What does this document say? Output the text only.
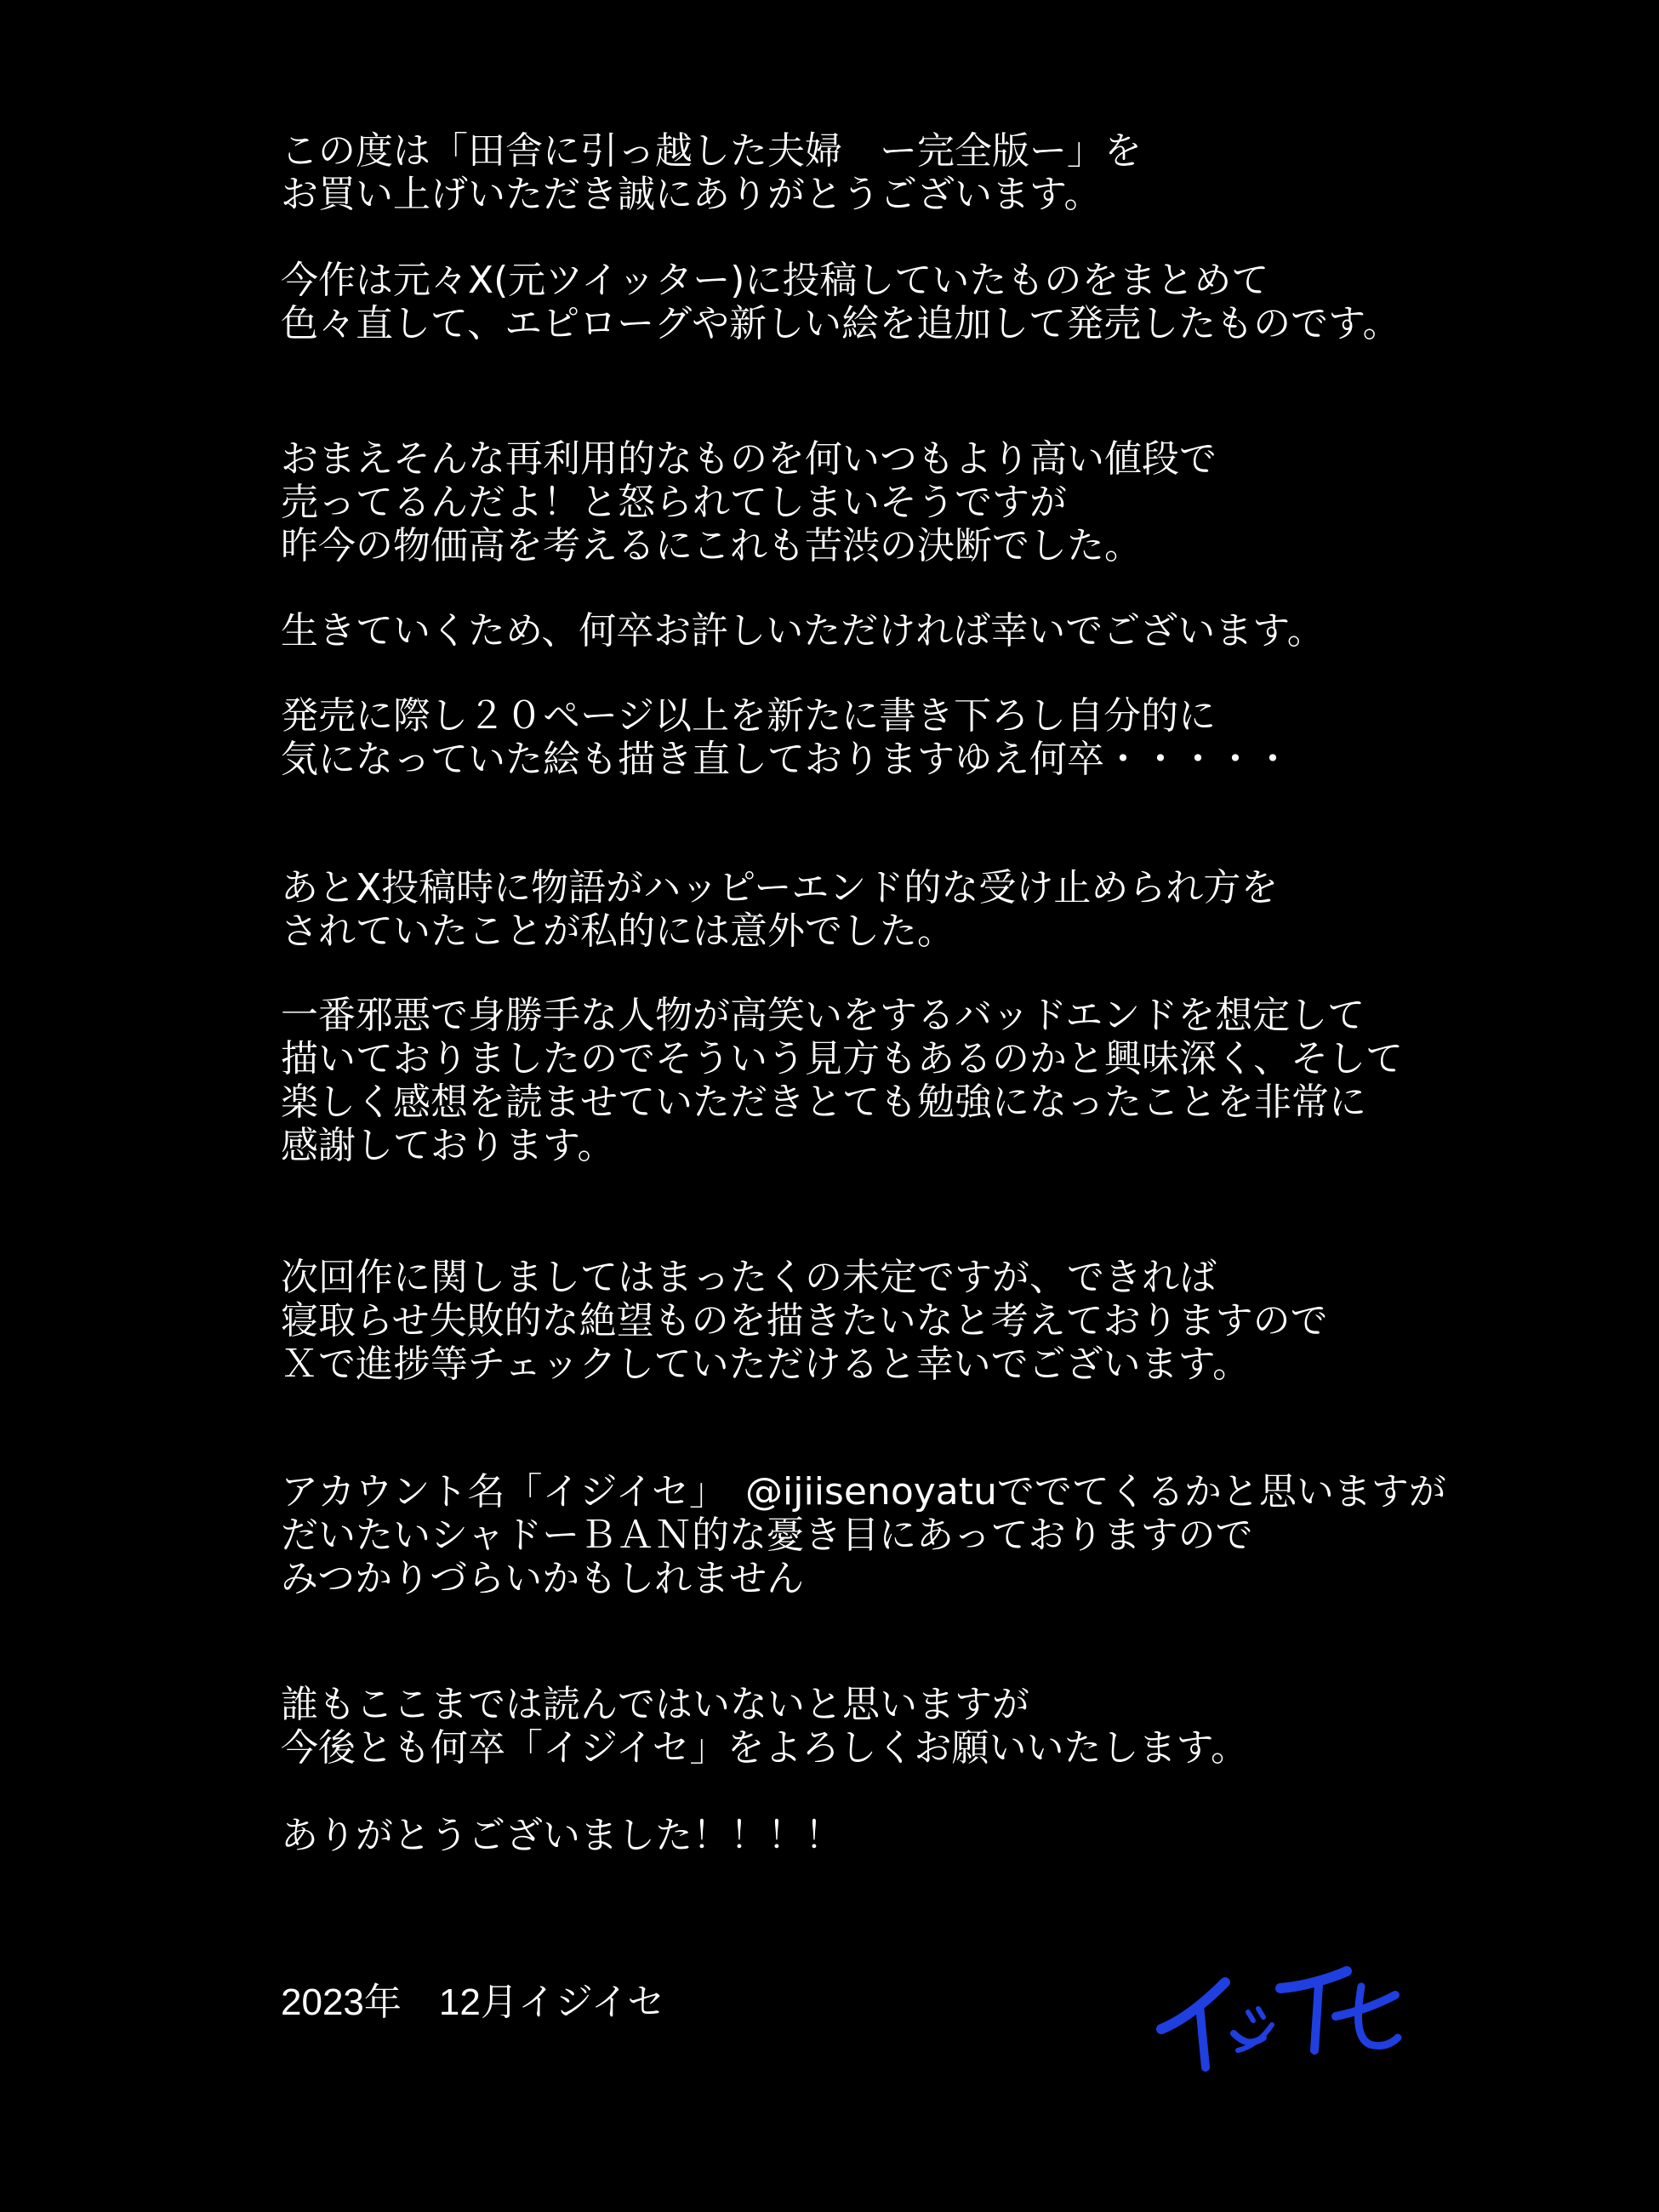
この度は「田舎に引っ越した夫婦　ー完全版ー」を
お買い上げいただき誠にありがとうございます。
今作は元々X(元ツイッター)に投稿していたものをまとめて
色々直して、エピローグや新しい絵を追加して発売したものです。
おまえそんな再利用的なものを何いつもより高い値段で
売ってるんだよ！と怒られてしまいそうですが
昨今の物価高を考えるにこれも苦渋の決断でした。
生きていくため、何卒お許しいただければ幸いでございます。
発売に際し２０ページ以上を新たに書き下ろし自分的に
気になっていた絵も描き直しておりますゆえ何卒・・・・・
あとX投稿時に物語がハッピーエンド的な受け止められ方を
されていたことが私的には意外でした。
一番邪悪で身勝手な人物が高笑いをするバッドエンドを想定して
描いておりましたのでそういう見方もあるのかと興味深く、そして
楽しく感想を読ませていただきとても勉強になったことを非常に
感謝しております。
次回作に関しましてはまったくの未定ですが、できれば
寝取らせ失敗的な絶望ものを描きたいなと考えておりますので
Ｘで進捗等チェックしていただけると幸いでございます。
アカウント名「イジイセ」　@ijiisenoyatuででてくるかと思いますが
だいたいシャドーＢＡＮ的な憂き目にあっておりますので
みつかりづらいかもしれません
誰もここまでは読んではいないと思いますが
今後とも何卒「イジイセ」をよろしくお願いいたします。
ありがとうございました！！！！
2023年　12月イジイセ
